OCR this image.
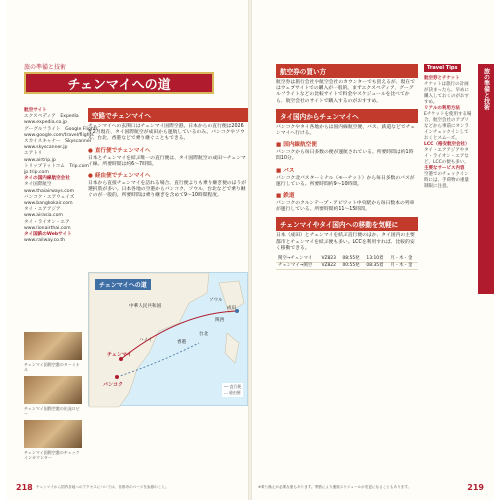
旅の準備と技術
チェンマイへの道
航空サイト
エクスペディア　Expedia
www.expedia.co.jp
グーグルフライト　Google Flights
www.google.com/travel/flights
スカイスキャナー　Skyscanner
www.skyscanner.jp
エアトリ
www.airtrip.jp
トリップドットコム　Trip.com
jp.trip.com
タイの国内線航空会社
タイ国際航空
www.thaiairways.com
バンコク・エアウェイズ
www.bangkokair.com
タイ・エアアジア
www.airasia.com
タイ・ライオン・エア
www.lionairthai.com
タイ国鉄のWebサイト
www.railway.co.th
空路でチェンマイへ
チェンマイへの玄関口はチェンマイ国際空港。日本からの直行便は2026年2月現在、タイ国際航空が成田から運航しているのみ。バンコクやソウル、台北、香港などで乗り継ぐこともできる。
● 直行便でチェンマイへ
日本とチェンマイを結ぶ唯一の直行便は、タイ国際航空の成田〜チェンマイ線。所要時間は約6〜7時間。
● 経由便でチェンマイへ
日本から直接チェンマイを訪れる場合、直行便よりも乗り継ぎ便のほうが選択肢が多い。日本各地の空港からバンコク、ソウル、台北などで乗り継ぐのが一般的。所要時間は乗り継ぎを含めて9〜10時間程度。
チェンマイへの道
チェンマイ
バンコク
中華人民共和国
台北
香港
ソウル
成田
関西
ハノイ
── 直行便
--- 経由便
チェンマイ国際空港のターミナル
チェンマイ国際空港の出発ロビー
チェンマイ国際空港のチェックインカウンター
チェンマイから国内各地へのアクセスについては、各都市のページを参照のこと。
218
航空券の買い方
航空券は旅行会社や航空会社のカウンターでも買えるが、現在ではウェブサイトでの購入が一般的。まずエクスペディア、グーグルフライトなどの比較サイトで料金やスケジュールを比べてから、航空会社のサイトで購入するのがおすすめ。
タイ国内からチェンマイへ
バンコクやタイ各地からは国内線航空便、バス、鉄道などでチェンマイへ行ける。
■ 国内線航空便
バンコクから毎日多数の便が運航されている。所要時間は約1時間10分。
■ バス
バンコク北バスターミナル（モーチット）から毎日多数のバスが運行している。所要時間約9〜10時間。
■ 鉄道
バンコクのクルンテープ・アピワット中央駅から毎日数本の列車が運行している。所要時間約11〜15時間。
チェンマイやタイ国内への移動を気軽に
日本（成田）とチェンマイを結ぶ直行便のほか、タイ国内の主要都市とチェンマイを結ぶ便も多い。LCCを利用すれば、比較的安く移動できる。
関空→チェンマイ	VZ823	08:55発	13:10着	月・木・金
チェンマイ→関空	VZ822	00:55発	08:35着	月・木・金
Travel Tips
航空券とチケット
チケットは旅行の計画が決まったら、早めに購入しておくのがおすすめ。
リアルの利用方法
Eチケットを使用する場合、航空会社のアプリなどから事前にオンラインチェックインしておくとスムーズ。
LCC（格安航空会社）
タイ・エアアジアやタイ・ライオン・エアなど、LCCの便も多い。
主要なサービス内容
空港でのチェックイン時には、手荷物の重量制限に注意。
旅の準備と技術
チェンマイへの道
※乗り換えが必要な便もあります。季節により運航スケジュールが変更になることもあります。	219
